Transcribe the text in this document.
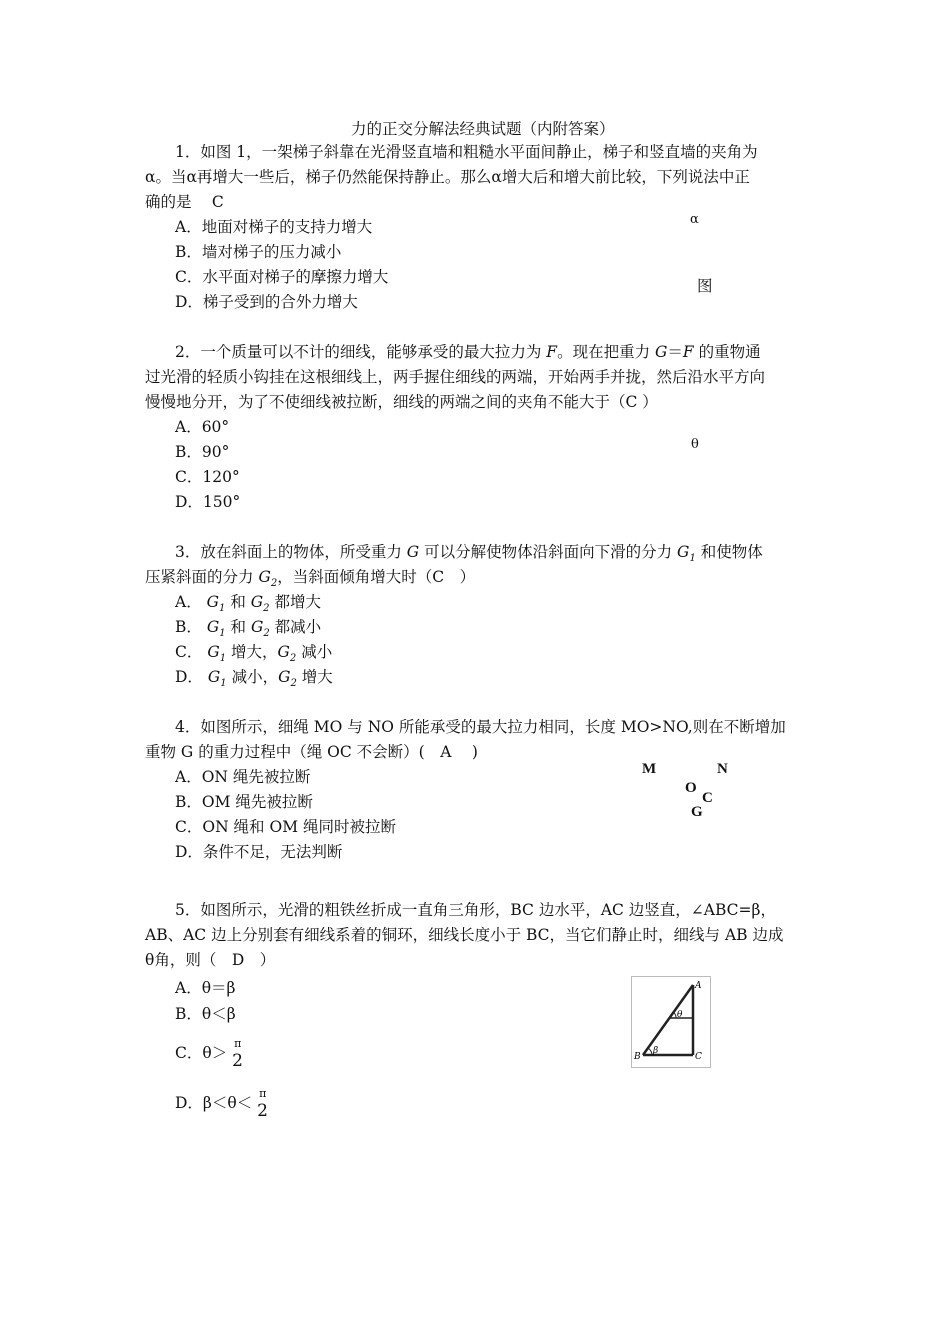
力的正交分解法经典试题（内附答案）
1．如图 1，一架梯子斜靠在光滑竖直墙和粗糙水平面间静止，梯子和竖直墙的夹角为
α。当α再增大一些后，梯子仍然能保持静止。那么α增大后和增大前比较，下列说法中正
确的是　 C
A．地面对梯子的支持力增大
B．墙对梯子的压力减小
C．水平面对梯子的摩擦力增大
D．梯子受到的合外力增大
α
图
2．一个质量可以不计的细线，能够承受的最大拉力为 F。现在把重力 G＝F 的重物通
过光滑的轻质小钩挂在这根细线上，两手握住细线的两端，开始两手并拢，然后沿水平方向
慢慢地分开，为了不使细线被拉断，细线的两端之间的夹角不能大于（C ）
A．60°
B．90°
C．120°
D．150°
θ
3．放在斜面上的物体，所受重力 G 可以分解使物体沿斜面向下滑的分力 $G_1$ 和使物体
压紧斜面的分力 $G_2$，当斜面倾角增大时（C　）
A． $G_1$ 和 $G_2$ 都增大
B． $G_1$ 和 $G_2$ 都减小
C． $G_1$ 增大，$G_2$ 减小
D． $G_1$ 减小，$G_2$ 增大
4．如图所示，细绳 MO 与 NO 所能承受的最大拉力相同，长度 MO>NO,则在不断增加
重物 G 的重力过程中（绳 OC 不会断）(　A　 )
A．ON 绳先被拉断
B．OM 绳先被拉断
C．ON 绳和 OM 绳同时被拉断
D．条件不足，无法判断
M	N
O
C
G
5．如图所示，光滑的粗铁丝折成一直角三角形，BC 边水平，AC 边竖直，∠ABC=β，
AB、AC 边上分别套有细线系着的铜环，细线长度小于 BC，当它们静止时，细线与 AB 边成
θ角，则（　D　）
A．θ＝β
B．θ＜β
C．θ＞
π
2
D．β＜θ＜
π
2
A
B	C
θ
β
